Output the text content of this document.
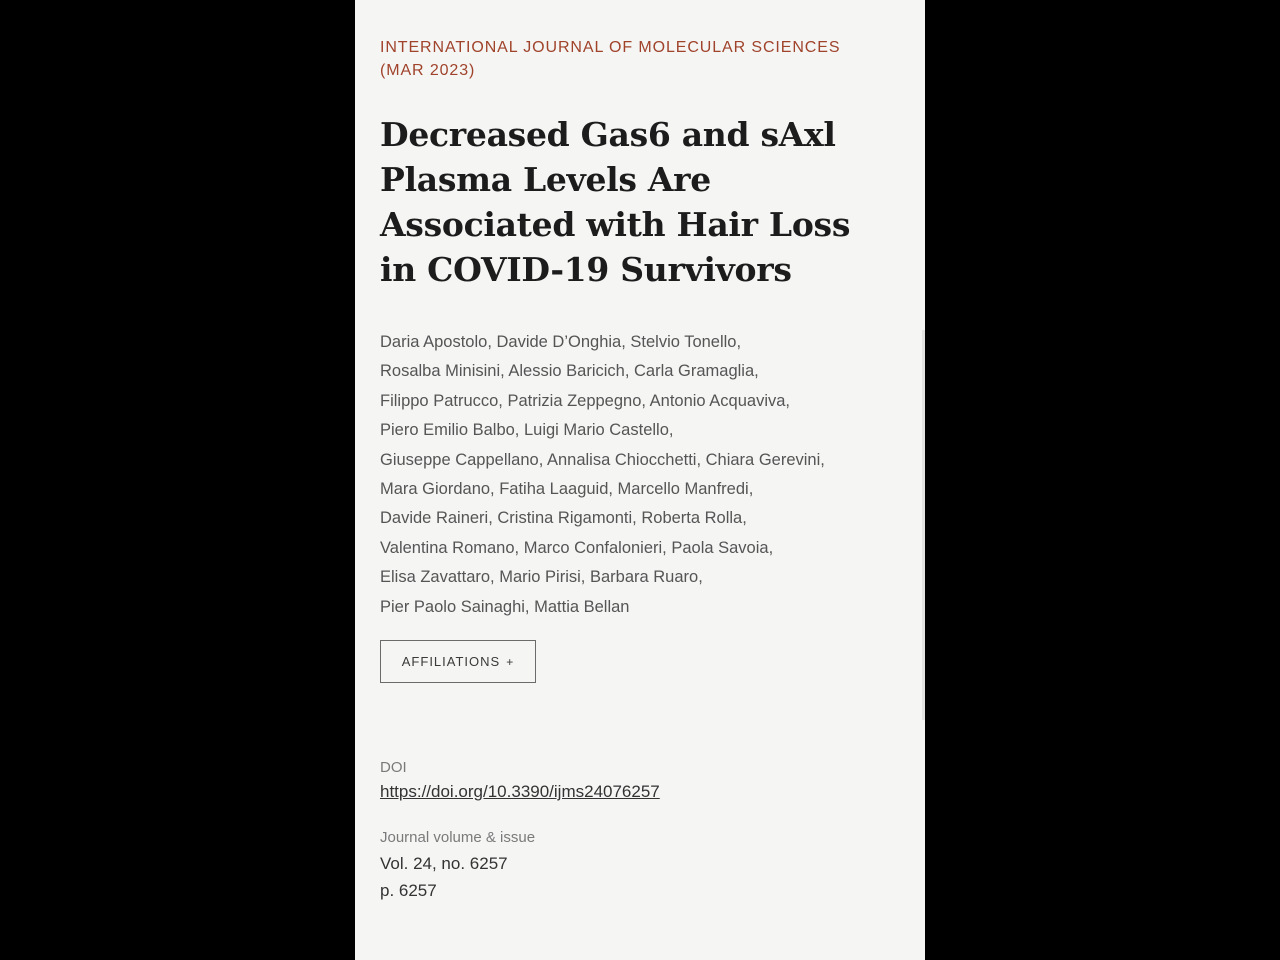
INTERNATIONAL JOURNAL OF MOLECULAR SCIENCES
(MAR 2023)

Decreased Gas6 and sAxl
Plasma Levels Are
Associated with Hair Loss
in COVID-19 Survivors

Daria Apostolo, Davide D’Onghia, Stelvio Tonello,
Rosalba Minisini, Alessio Baricich, Carla Gramaglia,
Filippo Patrucco, Patrizia Zeppegno, Antonio Acquaviva,
Piero Emilio Balbo, Luigi Mario Castello,
Giuseppe Cappellano, Annalisa Chiocchetti, Chiara Gerevini,
Mara Giordano, Fatiha Laaguid, Marcello Manfredi,
Davide Raineri, Cristina Rigamonti, Roberta Rolla,
Valentina Romano, Marco Confalonieri, Paola Savoia,
Elisa Zavattaro, Mario Pirisi, Barbara Ruaro,
Pier Paolo Sainaghi, Mattia Bellan

AFFILIATIONS +

DOI

https://doi.org/10.3390/ijms24076257

Journal volume & issue

Vol. 24, no. 6257

p. 6257
